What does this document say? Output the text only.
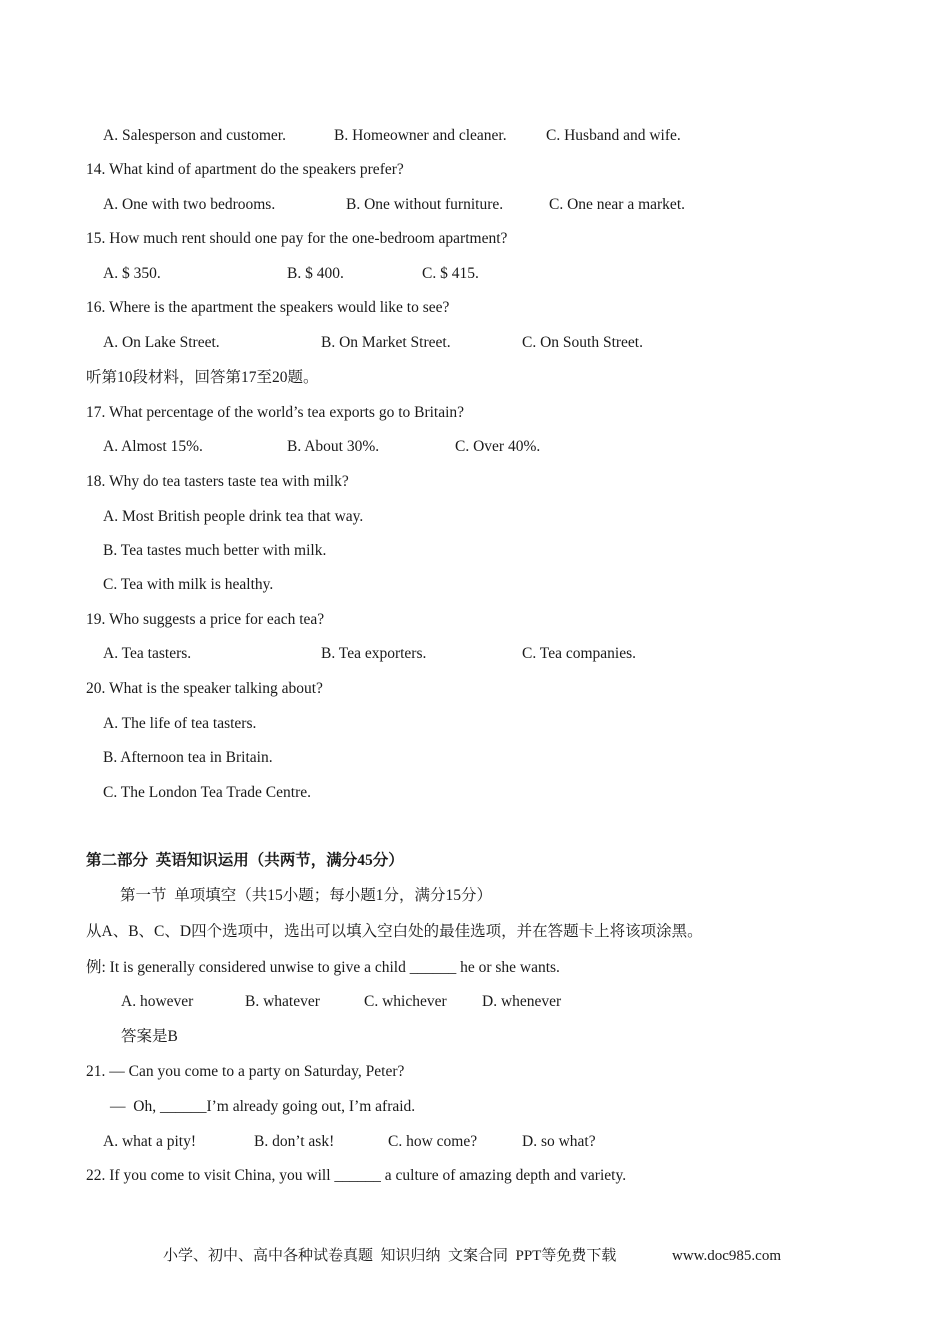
A. Salesperson and customer.	B. Homeowner and cleaner.	C. Husband and wife.
14. What kind of apartment do the speakers prefer?
A. One with two bedrooms.	B. One without furniture.	C. One near a market.
15. How much rent should one pay for the one-bedroom apartment?
A. $ 350.	B. $ 400.	C. $ 415.
16. Where is the apartment the speakers would like to see?
A. On Lake Street.	B. On Market Street.	C. On South Street.
听第10段材料，回答第17至20题。
17. What percentage of the world’s tea exports go to Britain?
A. Almost 15%.	B. About 30%.	C. Over 40%.
18. Why do tea tasters taste tea with milk?
A. Most British people drink tea that way.
B. Tea tastes much better with milk.
C. Tea with milk is healthy.
19. Who suggests a price for each tea?
A. Tea tasters.	B. Tea exporters.	C. Tea companies.
20. What is the speaker talking about?
A. The life of tea tasters.
B. Afternoon tea in Britain.
C. The London Tea Trade Centre.
第二部分  英语知识运用（共两节，满分45分）
第一节  单项填空（共15小题；每小题1分，满分15分）
从A、B、C、D四个选项中，选出可以填入空白处的最佳选项，并在答题卡上将该项涂黑。
例: It is generally considered unwise to give a child ______ he or she wants.
A. however	B. whatever	C. whichever D. whenever
答案是B
21. — Can you come to a party on Saturday, Peter?
—  Oh, ______I’m already going out, I’m afraid.
A. what a pity!	B. don’t ask!	C. how come?	D. so what?
22. If you come to visit China, you will ______ a culture of amazing depth and variety.
小学、初中、高中各种试卷真题  知识归纳  文案合同  PPT等免费下载	www.doc985.com
